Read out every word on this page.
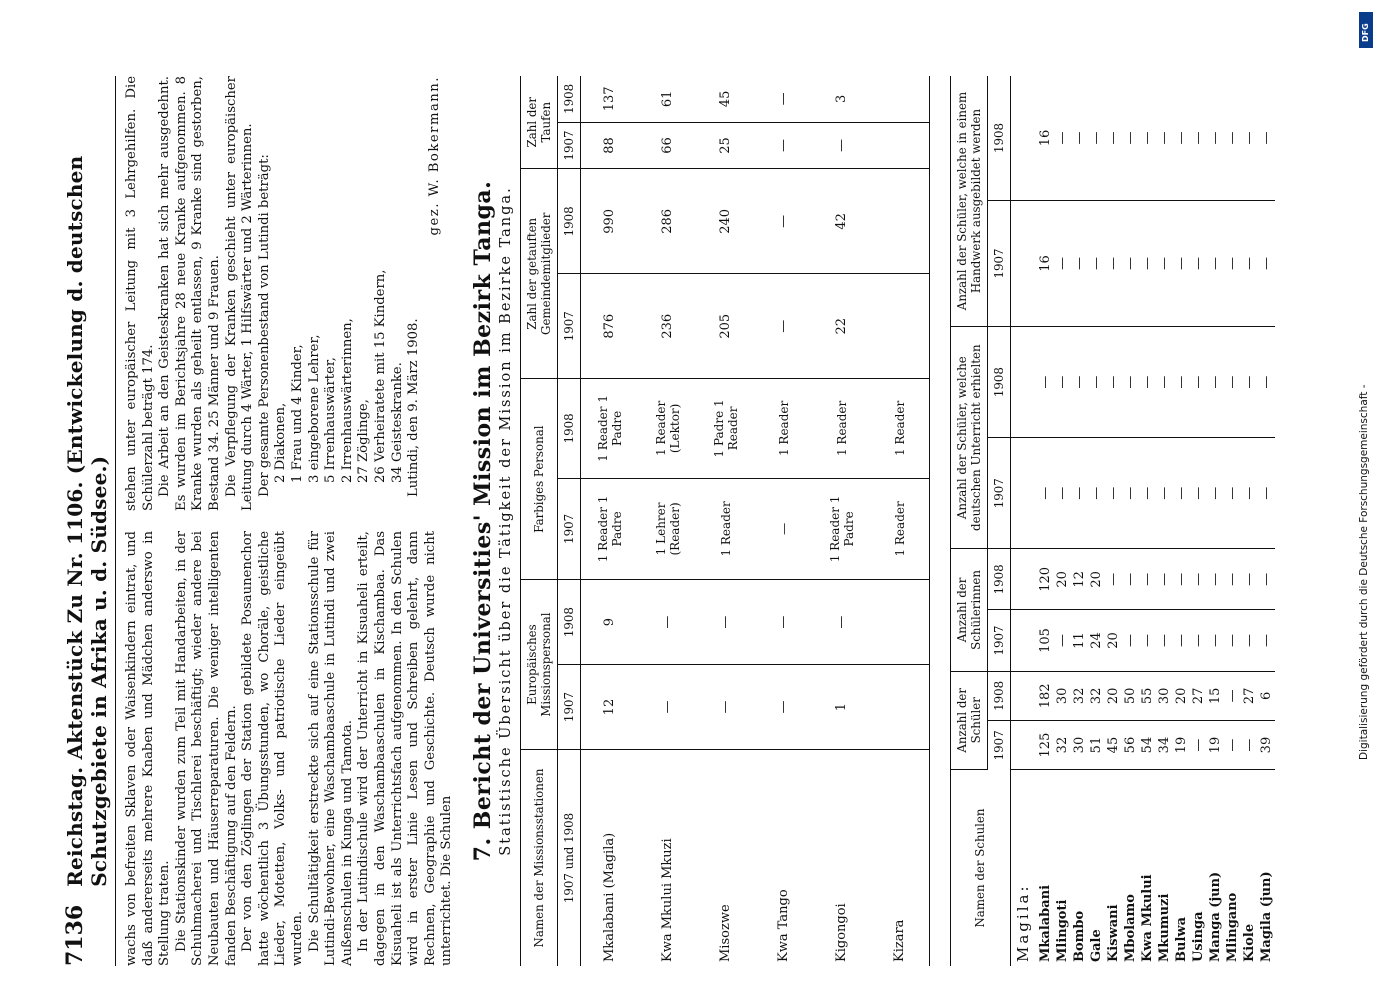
7136
Reichstag. Aktenstück Zu Nr. 1106. (Entwickelung d. deutschen Schutzgebiete in Afrika u. d. Südsee.) wachs von befreiten Sklaven oder Waisenkindern eintrat, und daß andererseits mehrere Knaben und Mädchen anderswo in Stellung traten. Die Stationskinder wurden zum Teil mit Handarbeiten, in der Schuhmacherei und Tischlerei beschäftigt; wieder andere bei Neubauten und Häuserreparaturen. Die weniger intelligenten fanden Beschäftigung auf den Feldern. Der von den Zöglingen der Station gebildete Posaunenchor hatte wöchentlich 3 Übungsstunden, wo Choräle, geistliche Lieder, Motetten, Volks- und patriotische Lieder eingeübt wurden. Die Schultätigkeit erstreckte sich auf eine Stationsschule für Lutindi-Bewohner, eine Waschambaaschule in Lutindi und zwei Außenschulen in Kunga und Tamota. In der Lutindischule wird der Unterricht in Kisuaheli erteilt, dagegen in den Waschambaaschulen in Kischambaa. Das Kisuaheli ist als Unterrichtsfach aufgenommen. In den Schulen wird in erster Linie Lesen und Schreiben gelehrt, dann Rechnen, Geographie und Geschichte. Deutsch wurde nicht unterrichtet. Die Schulen

stehen unter europäischer Leitung mit 3 Lehrgehilfen. Die Schülerzahl beträgt 174. Die Arbeit an den Geisteskranken hat sich mehr ausgedehnt. Es wurden im Berichtsjahre 28 neue Kranke aufgenommen. 8 Kranke wurden als geheilt entlassen, 9 Kranke sind gestorben, Bestand 34. 25 Männer und 9 Frauen. Die Verpflegung der Kranken geschieht unter europäischer Leitung durch 4 Wärter, 1 Hilfswärter und 2 Wärterinnen. Der gesamte Personenbestand von Lutindi beträgt: 2 Diakonen, 1 Frau und 4 Kinder, 3 eingeborene Lehrer, 5 Irrenhauswärter, 2 Irrenhauswärterinnen, 27 Zöglinge, 26 Verheiratete mit 15 Kindern, 34 Geisteskranke. Lutindi, den 9. März 1908.

gez. W. Bokermann.
7. Bericht der Universities' Mission im Bezirk Tanga. Statistische Übersicht über die Tätigkeit der Mission im Bezirke Tanga.
Namen der Missionsstationen	Europäisches Missionspersonal		Farbiges Personal		Zahl der getauften Gemeindemitglieder		Zahl der Taufen	
1907 und 1908	1907	1908	1907	1908	1907	1908	1907	1908
Mkalabani (Magila)	12	9	1 Reader 1 Padre	1 Reader 1 Padre	876	990	88	137
Kwa Mkului Mkuzi	—	—	1 Lehrer (Reader)	1 Reader (Lektor)	236	286	66	61
Misozwe	—	—	1 Reader	1 Padre 1 Reader	205	240	25	45
Kwa Tango	—	—	—	1 Reader	—	—	—	—
Kigongoi	1	—	1 Reader 1 Padre	1 Reader	22	42	—	3
Kizara			1 Reader	1 Reader				
Namen der Schulen	Anzahl der Schüler		Anzahl der Schülerinnen		Anzahl der Schüler, welche deutschen Unterricht erhielten		Anzahl der Schüler, welche in einem Handwerk ausgebildet werden	
	1907	1908	1907	1908	1907	1908	1907	1908
Magila:								
Mkalabani	125	182	105	120	—	—	16	16
Mlingoti	32	30	—	20	—	—	—	—
Bombo	30	32	11	12	—	—	—	—
Gale	51	32	24	20	—	—	—	—
Kiswani	45	20	20	—	—	—	—	—
Mbolamo	56	50	—	—	—	—	—	—
Kwa Mkului	54	55	—	—	—	—	—	—
Mkumuzi	34	30	—	—	—	—	—	—
Bulwa	19	20	—	—	—	—	—	—
Usinga	—	27	—	—	—	—	—	—
Manga (jun)	19	15	—	—	—	—	—	—
Mlingano	—	—	—	—	—	—	—	—
Kiole	—	27	—	—	—	—	—	—
Magila (jun)	39	6	—	—	—	—	—	—
Digitalisierung gefördert durch die Deutsche Forschungsgemeinschaft -
DFG
